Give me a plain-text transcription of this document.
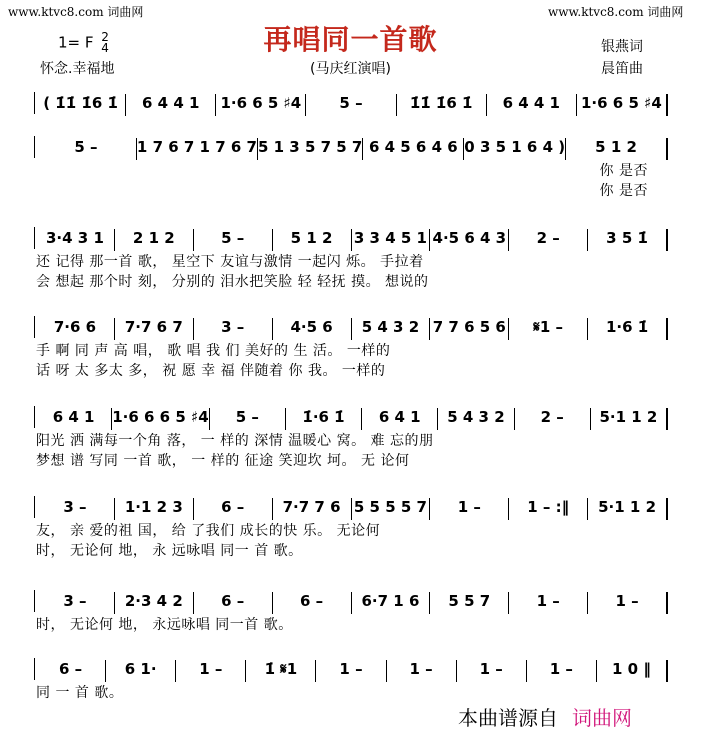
www.ktvc8.com 词曲网	www.ktvc8.com 词曲网
再唱同一首歌
1= F 2
4
怀念.幸福地	(马庆红演唱)
银燕词
晨笛曲
( 1̇1̇ 1̇6 1̇	6 4 4 1	1·6 6 5 ♯4	5 –	1̇1̇ 1̇6 1̇	6 4 4 1	1·6 6 5 ♯4
5 –	1 7 6 7 1 7 6 7 5 1 3 5 7 5 7 6 4 5 6 4 6 0 3 5 1 6 4 )	5 1 2
你 是否
你 是否
3·4 3 1	2 1 2	5 –	5 1 2	3 3 4 5 1 4·5 6 4 3	2 –	3 5 1̇
还 记得 那一首 歌， 星空下 友谊与激情 一起闪 烁。 手拉着
会 想起 那个时 刻， 分别的 泪水把笑脸 轻 轻抚 摸。 想说的
7·6 6	7·7 6 7	3 –	4·5 6	5 4 3 2 7 7 6 5 6	𝄋1 –	1·6 1̇
手 啊 同 声 高 唱， 歌 唱 我 们 美好的 生 活。 一样的
话 呀 太 多太 多， 祝 愿 幸 福 伴随着 你 我。 一样的
6 4 1	1·6 6 6 5 ♯4	5 –	1̇·6 1̇	6 4 1	5 4 3 2	2 –	5·1 1 2
阳光 洒 满每一个角 落， 一 样的 深情 温暖心 窝。 难 忘的朋
梦想 谱 写同 一首 歌， 一 样的 征途 笑迎坎 坷。 无 论何
3 –	1·1 2 3	6 –	7·7 7 6 5 5 5 5 7	1 –	1 – :‖	5·1 1 2
友， 亲 爱的祖 国， 给 了我们 成长的快 乐。 无论何
时， 无论何 地， 永 远咏唱 同一 首 歌。
3 –	2·3 4 2	6 –	6 –	6·7 1 6	5 5 7	1 –	1 –
时， 无论何 地， 永远咏唱 同一首 歌。
6 –	6 1·	1 –	1̇ 𝄋1	1 –	1 –	1 –	1 –	1 0 ‖
同 一 首 歌。
本曲谱源自 词曲网
